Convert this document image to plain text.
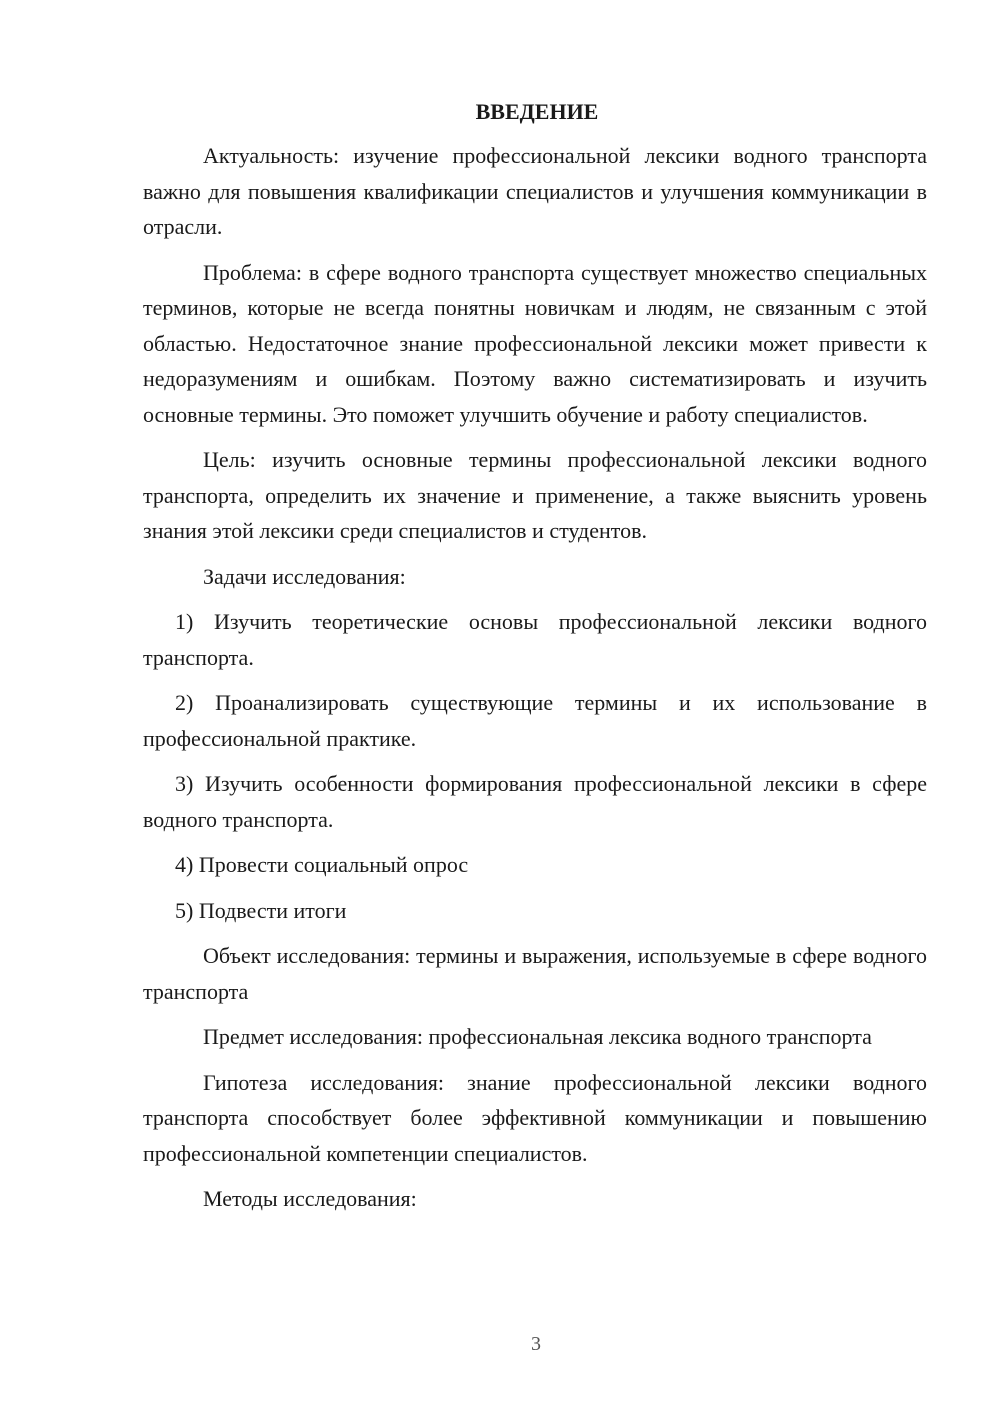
ВВЕДЕНИЕ

Актуальность: изучение профессиональной лексики водного транспорта важно для повышения квалификации специалистов и улучшения коммуникации в отрасли.

Проблема: в сфере водного транспорта существует множество специальных терминов, которые не всегда понятны новичкам и людям, не связанным с этой областью. Недостаточное знание профессиональной лексики может привести к недоразумениям и ошибкам. Поэтому важно систематизировать и изучить основные термины. Это поможет улучшить обучение и работу специалистов.

Цель: изучить основные термины профессиональной лексики водного транспорта, определить их значение и применение, а также выяснить уровень знания этой лексики среди специалистов и студентов.

Задачи исследования:

1) Изучить теоретические основы профессиональной лексики водного транспорта.

2) Проанализировать существующие термины и их использование в профессиональной практике.

3) Изучить особенности формирования профессиональной лексики в сфере водного транспорта.

4) Провести социальный опрос

5) Подвести итоги

Объект исследования: термины и выражения, используемые в сфере водного транспорта

Предмет исследования: профессиональная лексика водного транспорта

Гипотеза исследования: знание профессиональной лексики водного транспорта способствует более эффективной коммуникации и повышению профессиональной компетенции специалистов.

Методы исследования:

3
